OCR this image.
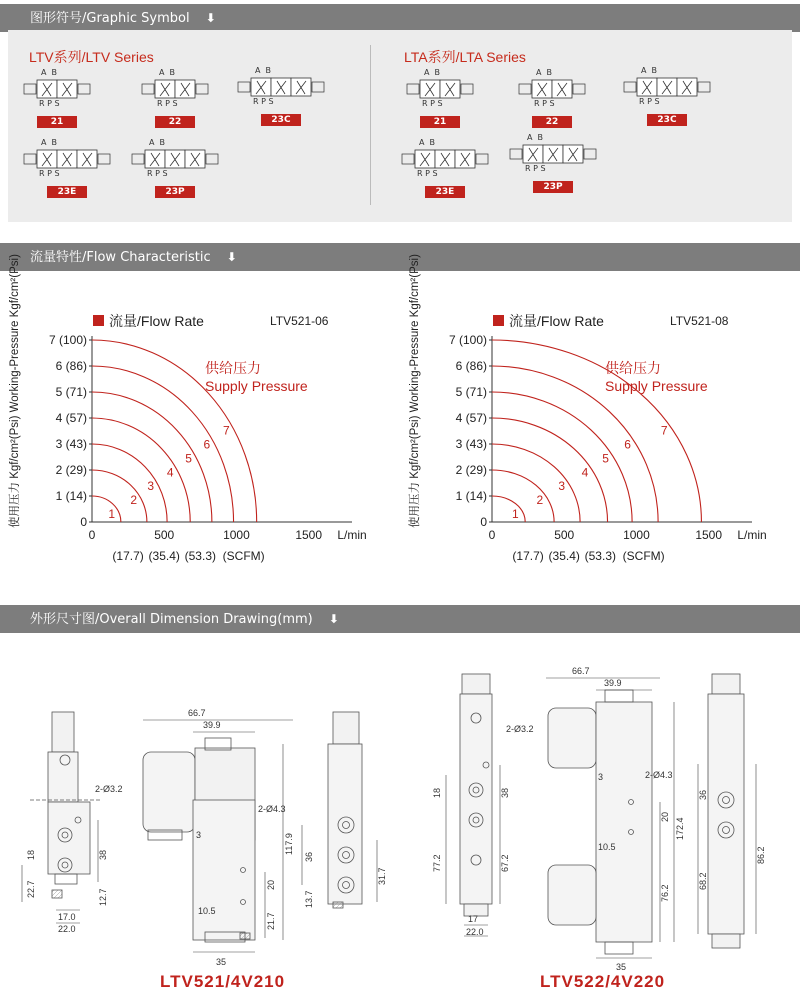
图形符号/Graphic Symbol ⬇
LTV系列/LTV Series	LTA系列/LTA Series
A  B
R P S
21
A  B
R P S
22
A  B
R P S
23C
A  B
R P S
23E
A  B
R P S
23P
A  B
R P S
21
A  B
R P S
22
A  B
R P S
23C
A  B
R P S
23E
A  B
R P S
23P
流量特性/Flow Characteristic ⬇
0
1 (14)
2 (29)
3 (43)
4 (57)
5 (71)
6 (86)
7 (100)
0	500	1000	1500 L/min
(17.7) (35.4) (53.3) (SCFM)
1
2
3
4
5
6
7
供给压力
Supply Pressure
流量/Flow Rate	LTV521-06
使用压力 Kgf/cm²(Psi) Working-Pressure Kgf/cm²(Psi)	0
1 (14)
2 (29)
3 (43)
4 (57)
5 (71)
6 (86)
7 (100)
0	500	1000	1500 L/min
(17.7) (35.4) (53.3) (SCFM)
1
2
3
4
5
6
7
供给压力
Supply Pressure
流量/Flow Rate	LTV521-08
使用压力 Kgf/cm²(Psi) Working-Pressure Kgf/cm²(Psi)
外形尺寸图/Overall Dimension Drawing(mm) ⬇
66.7
39.9
35
2-Ø4.3
3
10.5
2-Ø3.2
17.0
22.0
66.7
39.9
35
2-Ø4.3
3
10.5
2-Ø3.2
17
22.0
117.9
20
21.7
38
18
22.7	12.7
36
31.7
13.7
172.4
20
76.2
18	38
77.2	67.2
36
68.2
86.2
LTV521/4V210	LTV522/4V220
